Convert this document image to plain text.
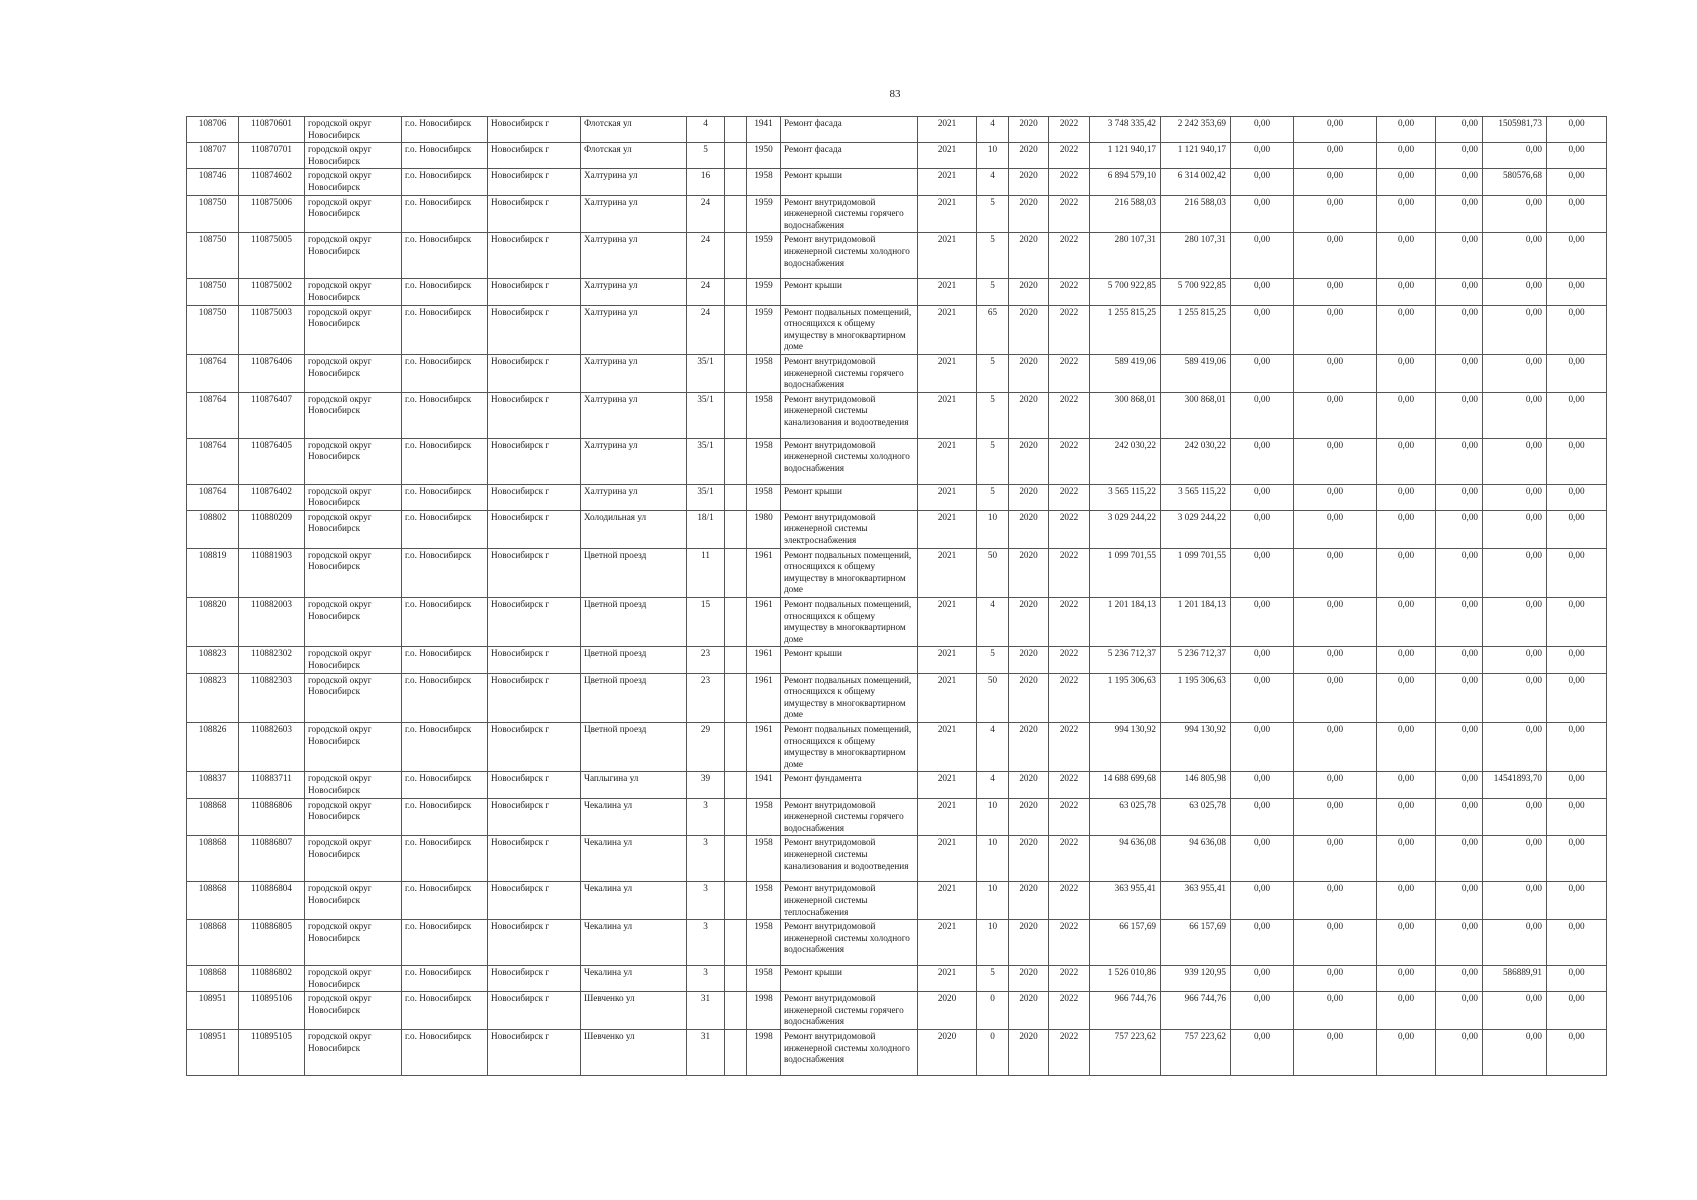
83
108706	110870601	городской округ Новосибирск	г.о. Новосибирск	Новосибирск г	Флотская ул	4		1941	Ремонт фасада	2021	4	2020	2022	3 748 335,42	2 242 353,69	0,00	0,00	0,00	0,00	1505981,73	0,00
108707	110870701	городской округ Новосибирск	г.о. Новосибирск	Новосибирск г	Флотская ул	5		1950	Ремонт фасада	2021	10	2020	2022	1 121 940,17	1 121 940,17	0,00	0,00	0,00	0,00	0,00	0,00
108746	110874602	городской округ Новосибирск	г.о. Новосибирск	Новосибирск г	Халтурина ул	16		1958	Ремонт крыши	2021	4	2020	2022	6 894 579,10	6 314 002,42	0,00	0,00	0,00	0,00	580576,68	0,00
108750	110875006	городской округ Новосибирск	г.о. Новосибирск	Новосибирск г	Халтурина ул	24		1959	Ремонт внутридомовой инженерной системы горячего водоснабжения	2021	5	2020	2022	216 588,03	216 588,03	0,00	0,00	0,00	0,00	0,00	0,00
108750	110875005	городской округ Новосибирск	г.о. Новосибирск	Новосибирск г	Халтурина ул	24		1959	Ремонт внутридомовой инженерной системы холодного водоснабжения	2021	5	2020	2022	280 107,31	280 107,31	0,00	0,00	0,00	0,00	0,00	0,00
108750	110875002	городской округ Новосибирск	г.о. Новосибирск	Новосибирск г	Халтурина ул	24		1959	Ремонт крыши	2021	5	2020	2022	5 700 922,85	5 700 922,85	0,00	0,00	0,00	0,00	0,00	0,00
108750	110875003	городской округ Новосибирск	г.о. Новосибирск	Новосибирск г	Халтурина ул	24		1959	Ремонт подвальных помещений, относящихся к общему имуществу в многоквартирном доме	2021	65	2020	2022	1 255 815,25	1 255 815,25	0,00	0,00	0,00	0,00	0,00	0,00
108764	110876406	городской округ Новосибирск	г.о. Новосибирск	Новосибирск г	Халтурина ул	35/1		1958	Ремонт внутридомовой инженерной системы горячего водоснабжения	2021	5	2020	2022	589 419,06	589 419,06	0,00	0,00	0,00	0,00	0,00	0,00
108764	110876407	городской округ Новосибирск	г.о. Новосибирск	Новосибирск г	Халтурина ул	35/1		1958	Ремонт внутридомовой инженерной системы канализования и водоотведения	2021	5	2020	2022	300 868,01	300 868,01	0,00	0,00	0,00	0,00	0,00	0,00
108764	110876405	городской округ Новосибирск	г.о. Новосибирск	Новосибирск г	Халтурина ул	35/1		1958	Ремонт внутридомовой инженерной системы холодного водоснабжения	2021	5	2020	2022	242 030,22	242 030,22	0,00	0,00	0,00	0,00	0,00	0,00
108764	110876402	городской округ Новосибирск	г.о. Новосибирск	Новосибирск г	Халтурина ул	35/1		1958	Ремонт крыши	2021	5	2020	2022	3 565 115,22	3 565 115,22	0,00	0,00	0,00	0,00	0,00	0,00
108802	110880209	городской округ Новосибирск	г.о. Новосибирск	Новосибирск г	Холодильная ул	18/1		1980	Ремонт внутридомовой инженерной системы электроснабжения	2021	10	2020	2022	3 029 244,22	3 029 244,22	0,00	0,00	0,00	0,00	0,00	0,00
108819	110881903	городской округ Новосибирск	г.о. Новосибирск	Новосибирск г	Цветной проезд	11		1961	Ремонт подвальных помещений, относящихся к общему имуществу в многоквартирном доме	2021	50	2020	2022	1 099 701,55	1 099 701,55	0,00	0,00	0,00	0,00	0,00	0,00
108820	110882003	городской округ Новосибирск	г.о. Новосибирск	Новосибирск г	Цветной проезд	15		1961	Ремонт подвальных помещений, относящихся к общему имуществу в многоквартирном доме	2021	4	2020	2022	1 201 184,13	1 201 184,13	0,00	0,00	0,00	0,00	0,00	0,00
108823	110882302	городской округ Новосибирск	г.о. Новосибирск	Новосибирск г	Цветной проезд	23		1961	Ремонт крыши	2021	5	2020	2022	5 236 712,37	5 236 712,37	0,00	0,00	0,00	0,00	0,00	0,00
108823	110882303	городской округ Новосибирск	г.о. Новосибирск	Новосибирск г	Цветной проезд	23		1961	Ремонт подвальных помещений, относящихся к общему имуществу в многоквартирном доме	2021	50	2020	2022	1 195 306,63	1 195 306,63	0,00	0,00	0,00	0,00	0,00	0,00
108826	110882603	городской округ Новосибирск	г.о. Новосибирск	Новосибирск г	Цветной проезд	29		1961	Ремонт подвальных помещений, относящихся к общему имуществу в многоквартирном доме	2021	4	2020	2022	994 130,92	994 130,92	0,00	0,00	0,00	0,00	0,00	0,00
108837	110883711	городской округ Новосибирск	г.о. Новосибирск	Новосибирск г	Чаплыгина ул	39		1941	Ремонт фундамента	2021	4	2020	2022	14 688 699,68	146 805,98	0,00	0,00	0,00	0,00	14541893,70	0,00
108868	110886806	городской округ Новосибирск	г.о. Новосибирск	Новосибирск г	Чекалина ул	3		1958	Ремонт внутридомовой инженерной системы горячего водоснабжения	2021	10	2020	2022	63 025,78	63 025,78	0,00	0,00	0,00	0,00	0,00	0,00
108868	110886807	городской округ Новосибирск	г.о. Новосибирск	Новосибирск г	Чекалина ул	3		1958	Ремонт внутридомовой инженерной системы канализования и водоотведения	2021	10	2020	2022	94 636,08	94 636,08	0,00	0,00	0,00	0,00	0,00	0,00
108868	110886804	городской округ Новосибирск	г.о. Новосибирск	Новосибирск г	Чекалина ул	3		1958	Ремонт внутридомовой инженерной системы теплоснабжения	2021	10	2020	2022	363 955,41	363 955,41	0,00	0,00	0,00	0,00	0,00	0,00
108868	110886805	городской округ Новосибирск	г.о. Новосибирск	Новосибирск г	Чекалина ул	3		1958	Ремонт внутридомовой инженерной системы холодного водоснабжения	2021	10	2020	2022	66 157,69	66 157,69	0,00	0,00	0,00	0,00	0,00	0,00
108868	110886802	городской округ Новосибирск	г.о. Новосибирск	Новосибирск г	Чекалина ул	3		1958	Ремонт крыши	2021	5	2020	2022	1 526 010,86	939 120,95	0,00	0,00	0,00	0,00	586889,91	0,00
108951	110895106	городской округ Новосибирск	г.о. Новосибирск	Новосибирск г	Шевченко ул	31		1998	Ремонт внутридомовой инженерной системы горячего водоснабжения	2020	0	2020	2022	966 744,76	966 744,76	0,00	0,00	0,00	0,00	0,00	0,00
108951	110895105	городской округ Новосибирск	г.о. Новосибирск	Новосибирск г	Шевченко ул	31		1998	Ремонт внутридомовой инженерной системы холодного водоснабжения	2020	0	2020	2022	757 223,62	757 223,62	0,00	0,00	0,00	0,00	0,00	0,00
